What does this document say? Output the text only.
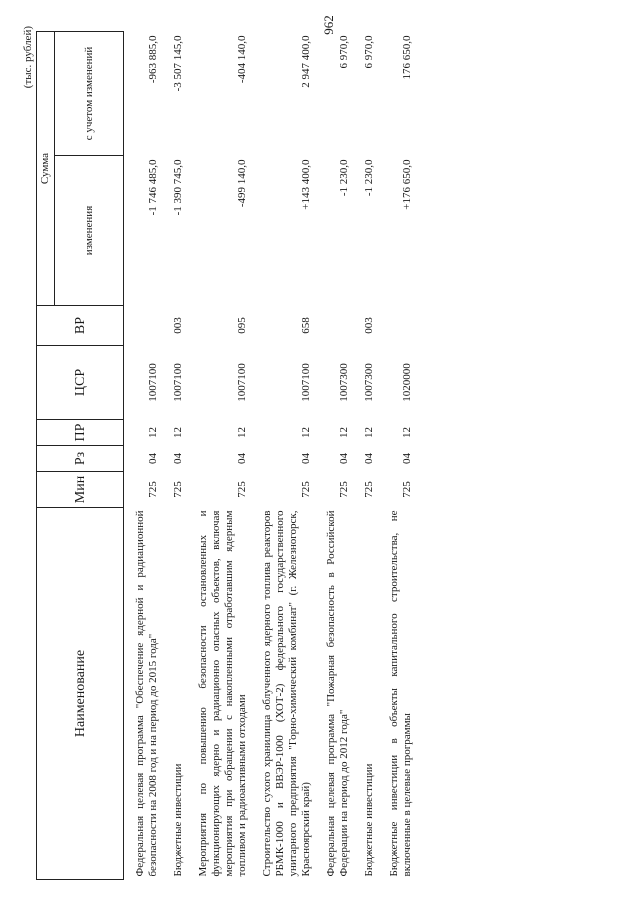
962
(тыс. рублей)
Наименование	Мин	Рз	ПР	ЦСР	ВР	Сумма	
						изменения	с учетом изменений
Федеральная целевая программа "Обеспечение ядерной и радиационной безопасности на 2008 год и на период до 2015 года"	725	04	12	1007100		-1 746 485,0	-963 885,0
Бюджетные инвестиции	725	04	12	1007100	003	-1 390 745,0	-3 507 145,0
Мероприятия по повышению безопасности остановленных и функционирующих ядерно и радиационно опасных объектов, включая мероприятия при обращении с накопленными отработавшим ядерным топливом и радиоактивными отходами	725	04	12	1007100	095	-499 140,0	-404 140,0
Строительство сухого хранилища облученного ядерного топлива реакторов РБМК-1000 и ВВЭР-1000 (ХОТ-2) федерального государственного унитарного предприятия "Горно-химический комбинат" (г. Железногорск, Красноярский край)	725	04	12	1007100	658	+143 400,0	2 947 400,0
Федеральная целевая программа "Пожарная безопасность в Российской Федерации на период до 2012 года"	725	04	12	1007300		-1 230,0	6 970,0
Бюджетные инвестиции	725	04	12	1007300	003	-1 230,0	6 970,0
Бюджетные инвестиции в объекты капитального строительства, не включенные в целевые программы	725	04	12	1020000		+176 650,0	176 650,0
